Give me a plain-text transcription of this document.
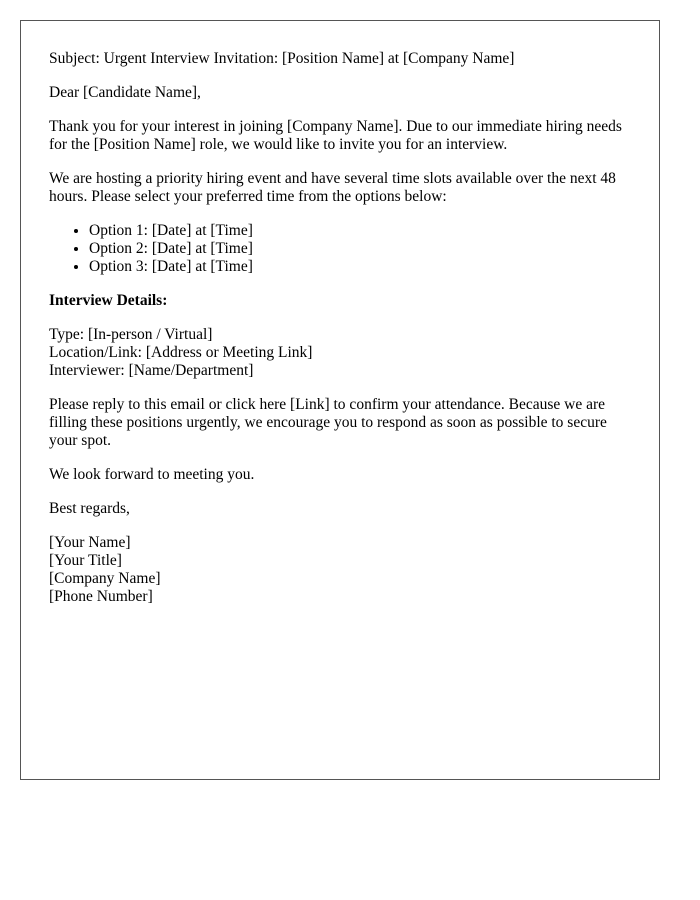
Subject: Urgent Interview Invitation: [Position Name] at [Company Name]

Dear [Candidate Name],

Thank you for your interest in joining [Company Name]. Due to our immediate hiring needs for the [Position Name] role, we would like to invite you for an interview.

We are hosting a priority hiring event and have several time slots available over the next 48 hours. Please select your preferred time from the options below:

• Option 1: [Date] at [Time]
• Option 2: [Date] at [Time]
• Option 3: [Date] at [Time]

Interview Details:

Type: [In-person / Virtual]
Location/Link: [Address or Meeting Link]
Interviewer: [Name/Department]

Please reply to this email or click here [Link] to confirm your attendance. Because we are filling these positions urgently, we encourage you to respond as soon as possible to secure your spot.

We look forward to meeting you.

Best regards,

[Your Name]
[Your Title]
[Company Name]
[Phone Number]
